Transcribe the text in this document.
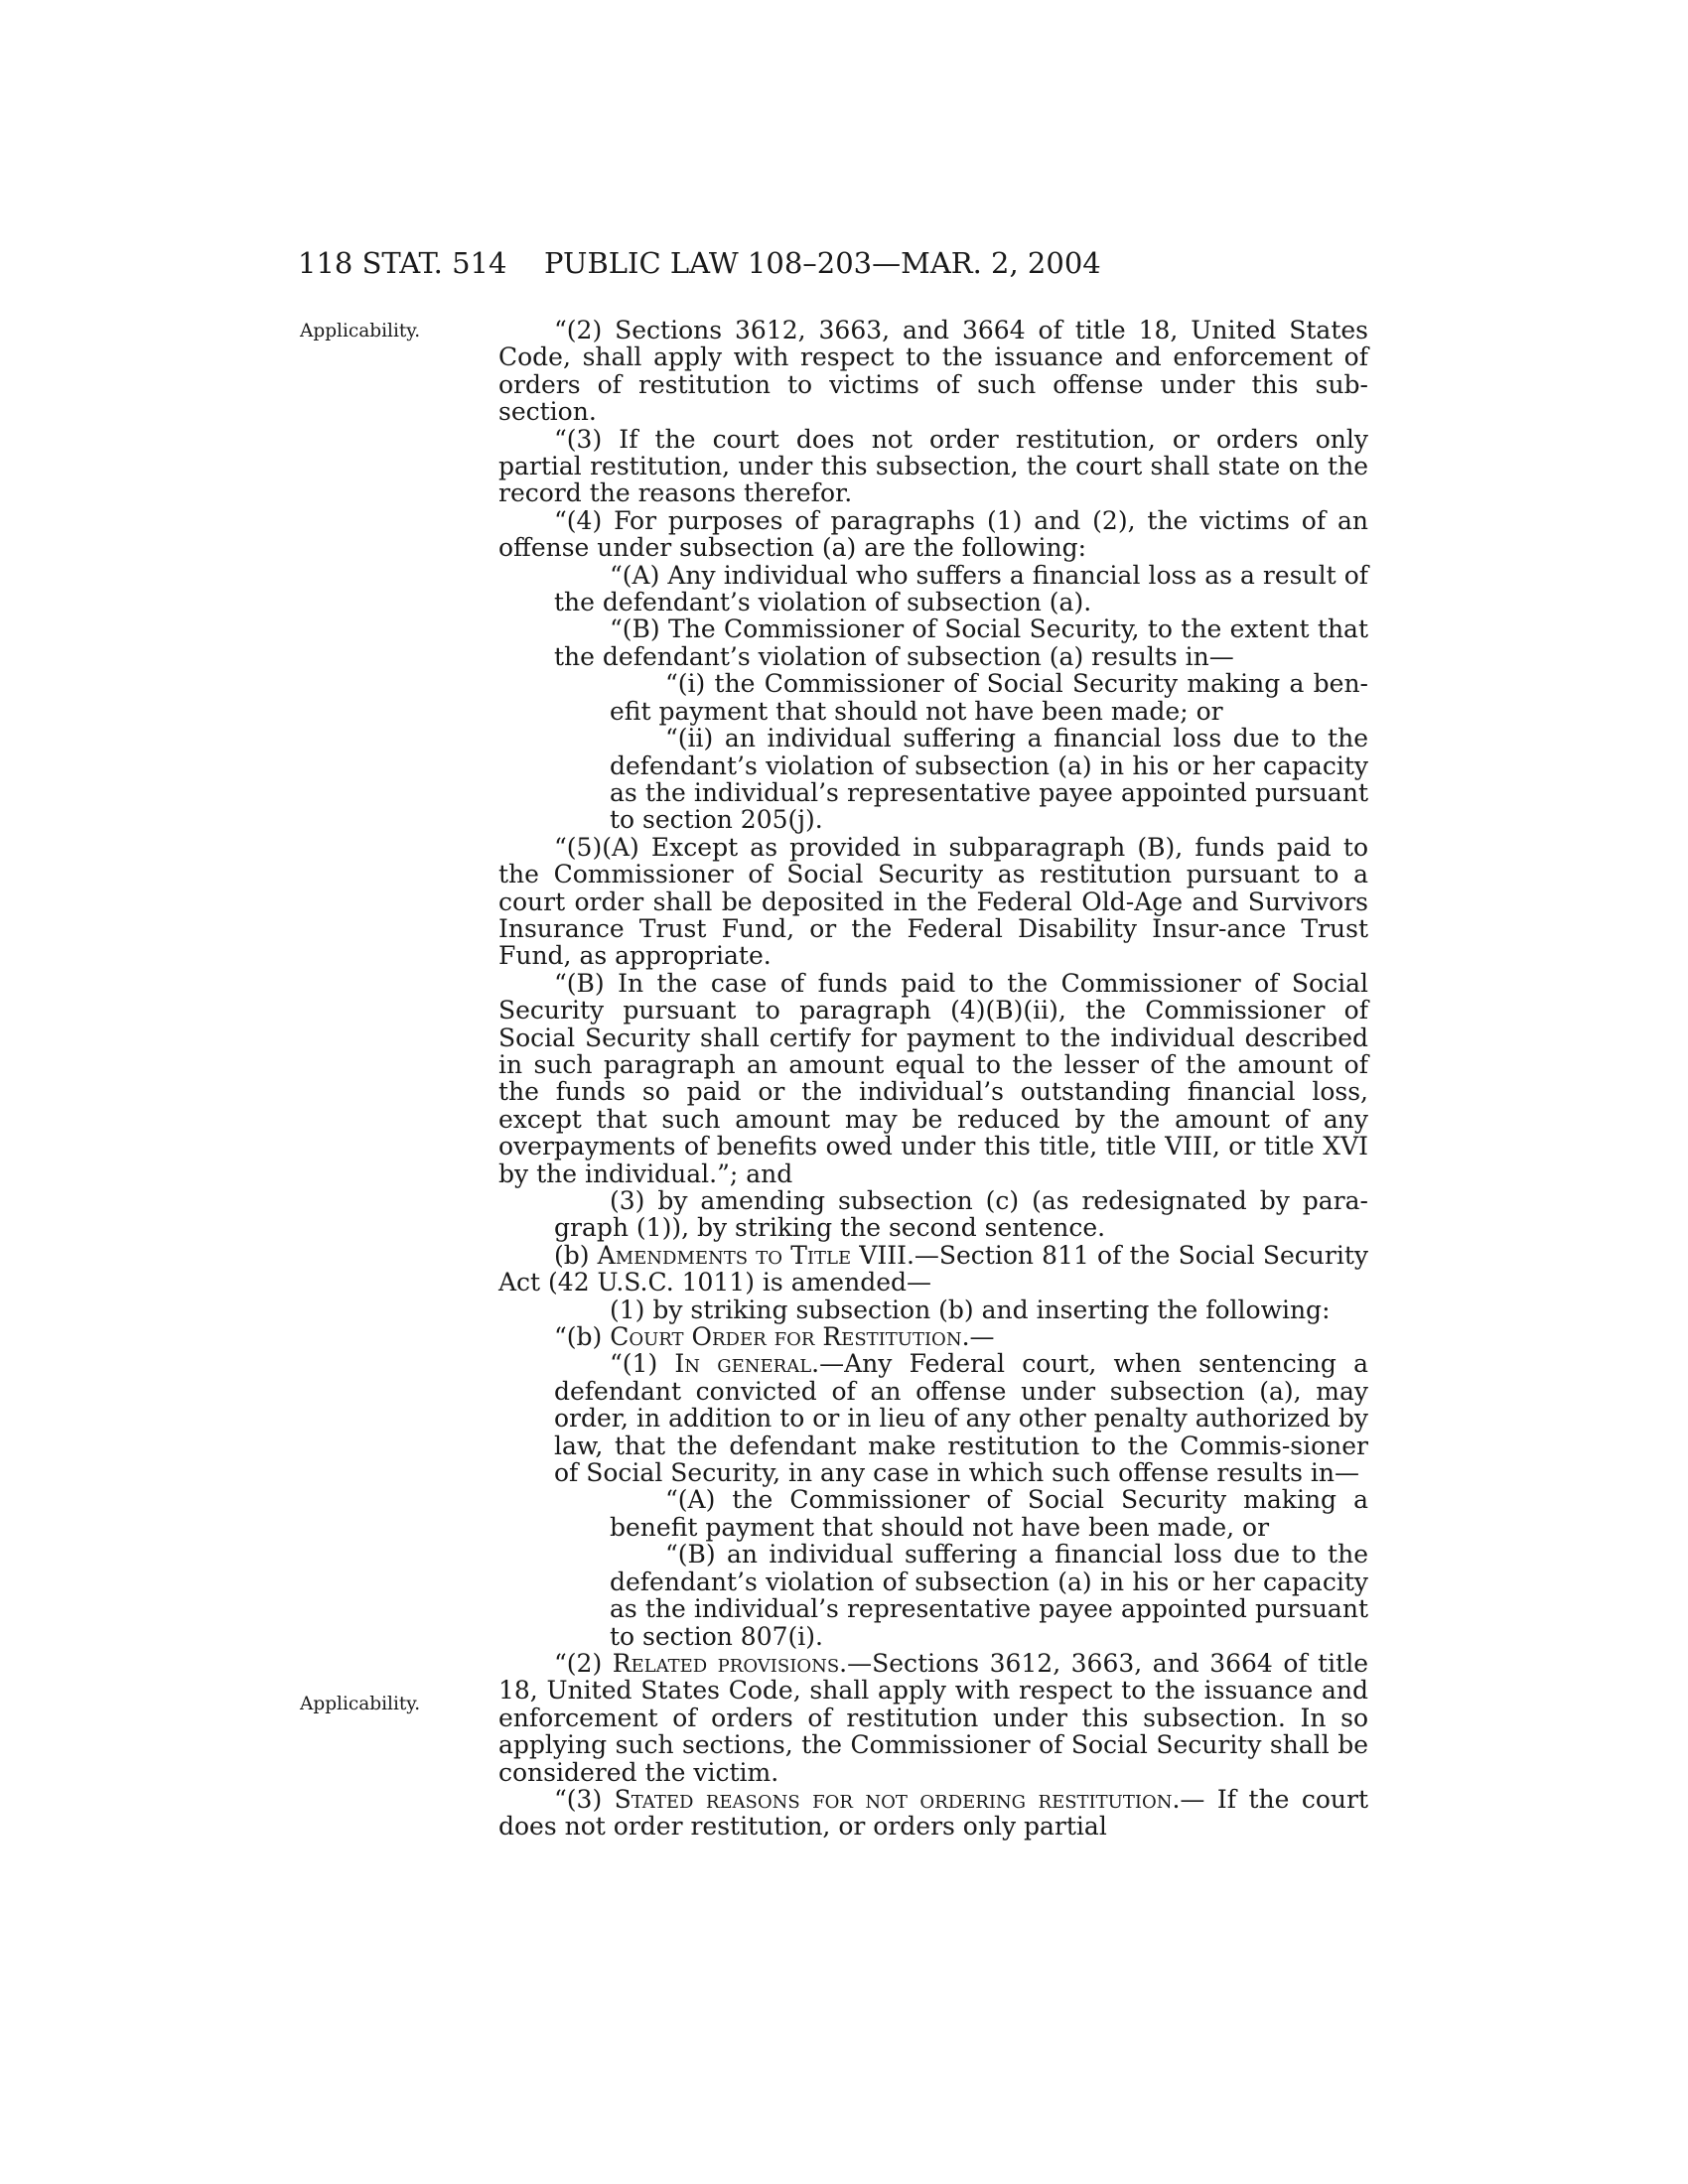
118 STAT. 514 PUBLIC LAW 108–203—MAR. 2, 2004
Applicability.
Applicability.

“(2) Sections 3612, 3663, and 3664 of title 18, United States Code, shall apply with respect to the issuance and enforcement of orders of restitution to victims of such offense under this sub-section.

“(3) If the court does not order restitution, or orders only partial restitution, under this subsection, the court shall state on the record the reasons therefor.

“(4) For purposes of paragraphs (1) and (2), the victims of an offense under subsection (a) are the following:

“(A) Any individual who suffers a financial loss as a result of the defendant’s violation of subsection (a).

“(B) The Commissioner of Social Security, to the extent that the defendant’s violation of subsection (a) results in—

“(i) the Commissioner of Social Security making a ben-efit payment that should not have been made; or

“(ii) an individual suffering a financial loss due to the defendant’s violation of subsection (a) in his or her capacity as the individual’s representative payee appointed pursuant to section 205(j).

“(5)(A) Except as provided in subparagraph (B), funds paid to the Commissioner of Social Security as restitution pursuant to a court order shall be deposited in the Federal Old-Age and Survivors Insurance Trust Fund, or the Federal Disability Insur-ance Trust Fund, as appropriate.

“(B) In the case of funds paid to the Commissioner of Social Security pursuant to paragraph (4)(B)(ii), the Commissioner of Social Security shall certify for payment to the individual described in such paragraph an amount equal to the lesser of the amount of the funds so paid or the individual’s outstanding financial loss, except that such amount may be reduced by the amount of any overpayments of benefits owed under this title, title VIII, or title XVI by the individual.”; and

(3) by amending subsection (c) (as redesignated by para-graph (1)), by striking the second sentence.

(b) Amendments to Title VIII.—Section 811 of the Social Security Act (42 U.S.C. 1011) is amended—

(1) by striking subsection (b) and inserting the following:

“(b) Court Order for Restitution.—

“(1) In general.—Any Federal court, when sentencing a defendant convicted of an offense under subsection (a), may order, in addition to or in lieu of any other penalty authorized by law, that the defendant make restitution to the Commis-sioner of Social Security, in any case in which such offense results in—

“(A) the Commissioner of Social Security making a benefit payment that should not have been made, or

“(B) an individual suffering a financial loss due to the defendant’s violation of subsection (a) in his or her capacity as the individual’s representative payee appointed pursuant to section 807(i).

“(2) Related provisions.—Sections 3612, 3663, and 3664 of title 18, United States Code, shall apply with respect to the issuance and enforcement of orders of restitution under this subsection. In so applying such sections, the Commissioner of Social Security shall be considered the victim.

“(3) Stated reasons for not ordering restitution.— If the court does not order restitution, or orders only partial
